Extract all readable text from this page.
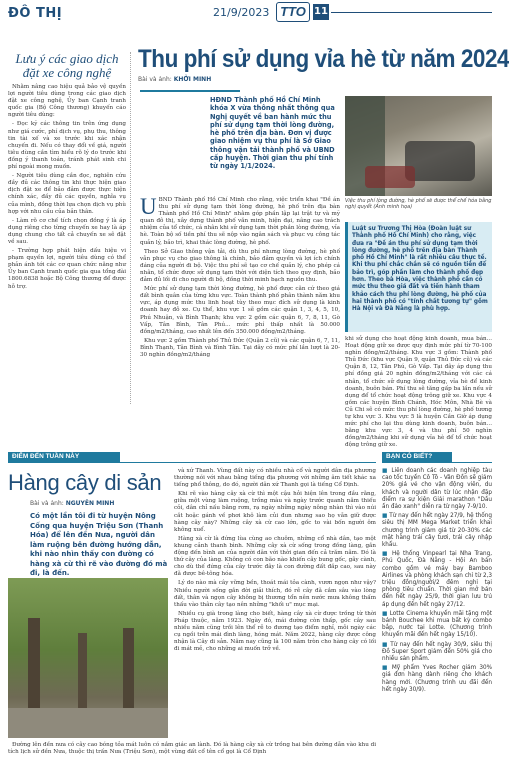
ĐÔ THỊ	21/9/2023 TTO 11
Lưu ý các giao dịch đặt xe công nghệ

Nhằm nâng cao hiệu quả bảo vệ quyền lợi người tiêu dùng trong các giao dịch đặt xe công nghệ, Ủy ban Cạnh tranh quốc gia (Bộ Công thương) khuyến cáo người tiêu dùng:

- Đọc kỹ các thông tin trên ứng dụng như giá cước, phí dịch vụ, phụ thu, thông tin tài xế và xe trước khi xác nhận chuyến đi. Nếu có thay đổi về giá, người tiêu dùng cần tìm hiểu rõ lý do trước khi đồng ý thanh toán, tránh phát sinh chi phí ngoài mong muốn.

- Người tiêu dùng cần đọc, nghiên cứu đầy đủ các thông tin khi thực hiện giao dịch đặt xe để bảo đảm được thực hiện chính xác, đầy đủ các quyền, nghĩa vụ của mình, đồng thời lựa chọn dịch vụ phù hợp với nhu cầu của bản thân.

- Làm rõ cơ chế tích chọn đồng ý là áp dụng riêng cho từng chuyến xe hay là áp dụng chung cho tất cả chuyến xe sẽ đặt về sau.

- Trường hợp phát hiện dấu hiệu vi phạm quyền lợi, người tiêu dùng có thể phản ánh tới các cơ quan chức năng như Ủy ban Cạnh tranh quốc gia qua tổng đài 1800.6838 hoặc Bộ Công thương để được hỗ trợ.

Thu phí sử dụng vỉa hè từ năm 2024
Bài và ảnh: KHỞI MINH
HĐND Thành phố Hồ Chí Minh khóa X vừa thông nhất thông qua Nghị quyết về ban hành mức thu phí sử dụng tạm thời lòng đường, hè phố trên địa bàn. Đơn vị được giao nhiệm vụ thu phí là Sở Giao thông vận tải thành phố và UBND cấp huyện. Thời gian thu phí tính từ ngày 1/1/2024.
Việc thu phí lòng đường, hè phố sẽ được thể chế hóa bằng nghị quyết (Ảnh minh họa)

UBND Thành phố Hồ Chí Minh cho rằng, việc triển khai "Đề án thu phí sử dụng tạm thời lòng đường, hè phố trên địa bàn Thành phố Hồ Chí Minh" nhằm góp phần lập lại trật tự và mỹ quan đô thị, xây dựng thành phố văn minh, hiện đại, nâng cao trách nhiệm của tổ chức, cá nhân khi sử dụng tạm thời phần lòng đường, vỉa hè. Toàn bộ số tiền phí thu sẽ nộp vào ngân sách và phục vụ công tác quản lý, bảo trì, khai thác lòng đường, hè phố.

Theo Sở Giao thông vận tải, dù thu phí nhưng lòng đường, hè phố vẫn phục vụ cho giao thông là chính, bảo đảm quyền và lợi ích chính đáng của người đi bộ. Việc thu phí sẽ tạo cơ chế quản lý, cho phép cá nhân, tổ chức được sử dụng tạm thời với diện tích theo quy định, bảo đảm đủ lối đi cho người đi bộ, đồng thời minh bạch nguồn thu.

Mức phí sử dụng tạm thời lòng đường, hè phố được căn cứ theo giá đất bình quân của từng khu vực. Toàn thành phố phân thành năm khu vực, áp dụng mức thu linh hoạt tùy theo mục đích sử dụng là kinh doanh hay đỗ xe. Cụ thể, khu vực 1 sẽ gồm các quận 1, 3, 4, 5, 10, Phú Nhuận, và Bình Thạnh; khu vực 2 gồm các quận 6, 7, 8, 11, Gò Vấp, Tân Bình, Tân Phú... mức phí thấp nhất là 50.000 đồng/m2/tháng, cao nhất lên đến 350.000 đồng/m2/tháng.

Khu vực 2 gồm Thành phố Thủ Đức (Quận 2 cũ) và các quận 6, 7, 11, Bình Thạnh, Tân Bình và Bình Tân. Tại đây có mức phí lần lượt là 20-30 nghìn đồng/m2/tháng

Luật sư Trương Thị Hòa (Đoàn luật sư Thành phố Hồ Chí Minh) cho rằng, việc đưa ra "Đề án thu phí sử dụng tạm thời lòng đường, hè phố trên địa bàn Thành phố Hồ Chí Minh" là rất nhiều câu thực tế. Khi thu phí chắc chắn sẽ có nguồn tiền để bảo trì, góp phần làm cho thành phố đẹp hơn. Theo bà Hòa, việc thành phố cần có mức thu theo giá đất và tiến hành tham khảo cách thu phí lòng đường, hè phố của hai thành phố có "tính chất tương tự" gồm Hà Nội và Đà Nẵng là phù hợp.

khi sử dụng cho hoạt động kinh doanh, mua bán... Hoạt động giữ xe được quy định mức phí từ 70-100 nghìn đồng/m2/tháng. Khu vực 3 gồm: Thành phố Thủ Đức (khu vực Quận 9, quận Thủ Đức cũ) và các Quận 8, 12, Tân Phú, Gò Vấp. Tại đây áp dụng thu phí đồng giá 20 nghìn đồng/m2/tháng với các cá nhân, tổ chức sử dụng lòng đường, vỉa hè để kinh doanh, buôn bán. Phí thu sẽ tăng gấp ba lần nếu sử dụng để tổ chức hoạt động trông giữ xe. Khu vực 4 gồm các huyện Bình Chánh, Hóc Môn, Nhà Bè và Củ Chi sẽ có mức thu phí lòng đường, hè phố tương tự khu vực 3. Khu vực 5 là huyện Cần Giờ áp dụng mức phí cho lại thu dùng kinh doanh, buôn bán... bằng khu vực 3, 4 và thu phí 50 nghìn đồng/m2/tháng khi sử dụng vỉa hè để tổ chức hoạt động trông giữ xe.

ĐIỂM ĐẾN TUẦN NÀY
Hàng cây di sản
Bài và ảnh: NGUYÊN MINH
Có một lần tôi đi từ huyện Nông Cống qua huyện Triệu Sơn (Thanh Hóa) để lên đền Nưa, người dân làm ruộng bên đường hướng dẫn, khi nào nhìn thấy con đường có hàng xà cừ thì rẽ vào đường đó mà đi, là đến.

Đường lên đền nưa có cây cao bóng tỏa mát luôn có nắm giác an lành. Đó là hàng cây xà cừ trồng hai bên đường dẫn vào khu di tích lịch sử đền Nưa, thuộc thị trấn Nưa (Triệu Sơn), một vùng đất cổ tên cổ gọi là Cổ Định

và xứ Thanh. Vùng đất này có nhiều nhà cổ và người dân địa phương thường nói với nhau bằng tiếng địa phương với những âm tiết khác xa tiếng phổ thông, do đó, người dân xứ Thanh gọi là tiếng Cổ Định.

Khi rẽ vào hàng cây xà cừ thì một cậu hỏi hiện lên trong đầu rằng, giữa một vùng làm ruộng, trồng màu và ngày trước quanh năm thiếu cỏi, dân chỉ nấu bằng rơm, rạ ngày những ngày nông nhàn thì vào núi cắt hoặc gánh về phơi khô làm củi đun nhưng sao họ vẫn giữ được hàng cây này? Những cây xà cừ cao lớn, gốc to vài bốn người ôm không xuể.

Hàng xà cừ là đứng lùa cùng ao chuôm, những cổ nhà dân, tạo một khung cảnh thanh bình. Những cây xà cừ sống trong đồng làng, gắn động đến bình an của người dân với thời gian đến cả trăm năm. Đó là thứ cây của làng. Không có con bão nào khiến cây bung gốc, gãy cành, cho dù thế đứng của cây trước đây là con đường đất đắp cao, sau này đã được bê-tông hóa.

Lý do nào mà cây vững bền, thoát mái tỏa cành, vươn ngọn như vậy? Nhiều người sống gắn đời giải thích, đó rễ cây đã cắm sâu vào lòng đất, thân và ngọn cây không bị thương tổn nên nước mưa không thấm thấu vào thân cây tạo nên những "khối u" mục mại.

Nhiều cụ già trong làng cho biết, hàng cây xà cừ được trồng từ thời Pháp thuộc, năm 1923. Ngày đó, mái đường còn thấp, gốc cây sau nhiều năm cũng trồi lên thể rễ to đương tạo điểm nghỉ, mỗi ngày các cụ ngồi trên mái đình làng, hóng mát. Năm 2022, hàng cây được công nhận là Cây di sản. Năm nay cũng là 100 năm tròn cho hàng cây có lối đi mát mẻ, cho những ai muốn trở về.

BẠN CÓ BIẾT?
■ Liên doanh các doanh nghiệp tàu cao tốc tuyến Cô Tô - Vân Đồn sẽ giảm 20% giá vé cho vận động viên, du khách và người dân từ lúc nhận đặp điểm ra sự kiện Giải marathon "Dấu ấn đảo xanh" diễn ra từ ngày 7-9/10.
■ Từ nay đến hết ngày 27/9, hệ thống siêu thị MM Mega Market triển khai chương trình giảm giá từ 20-30% các mặt hàng trái cây tươi, trái cây nhập khẩu.
■ Hệ thống Vinpearl tại Nha Trang, Phú Quốc, Đà Nẵng - Hội An bán combo gồm vé máy bay Bamboo Airlines và phòng khách sạn chỉ từ 2,3 triệu đồng/người/2 đêm nghỉ tại phòng tiêu chuẩn. Thời gian mở bán đến hết ngày 25/9, thời gian lưu trú áp dụng đến hết ngày 27/12.
■ Lotte Cinema khuyến mãi tặng một bánh Bouchee khi mua bất kỳ combo bắp, nước tại Lotte. (Chương trình khuyến mãi đến hết ngày 15/10).
■ Từ nay đến hết ngày 30/9, siêu thị Đồ Super Sport giảm đến 50% giá cho nhiều sản phẩm.
■ Mỹ phẩm Yves Rocher giảm 30% giá đơn hàng dành riêng cho khách hàng mới. (Chương trình ưu đãi đến hết ngày 30/9).
